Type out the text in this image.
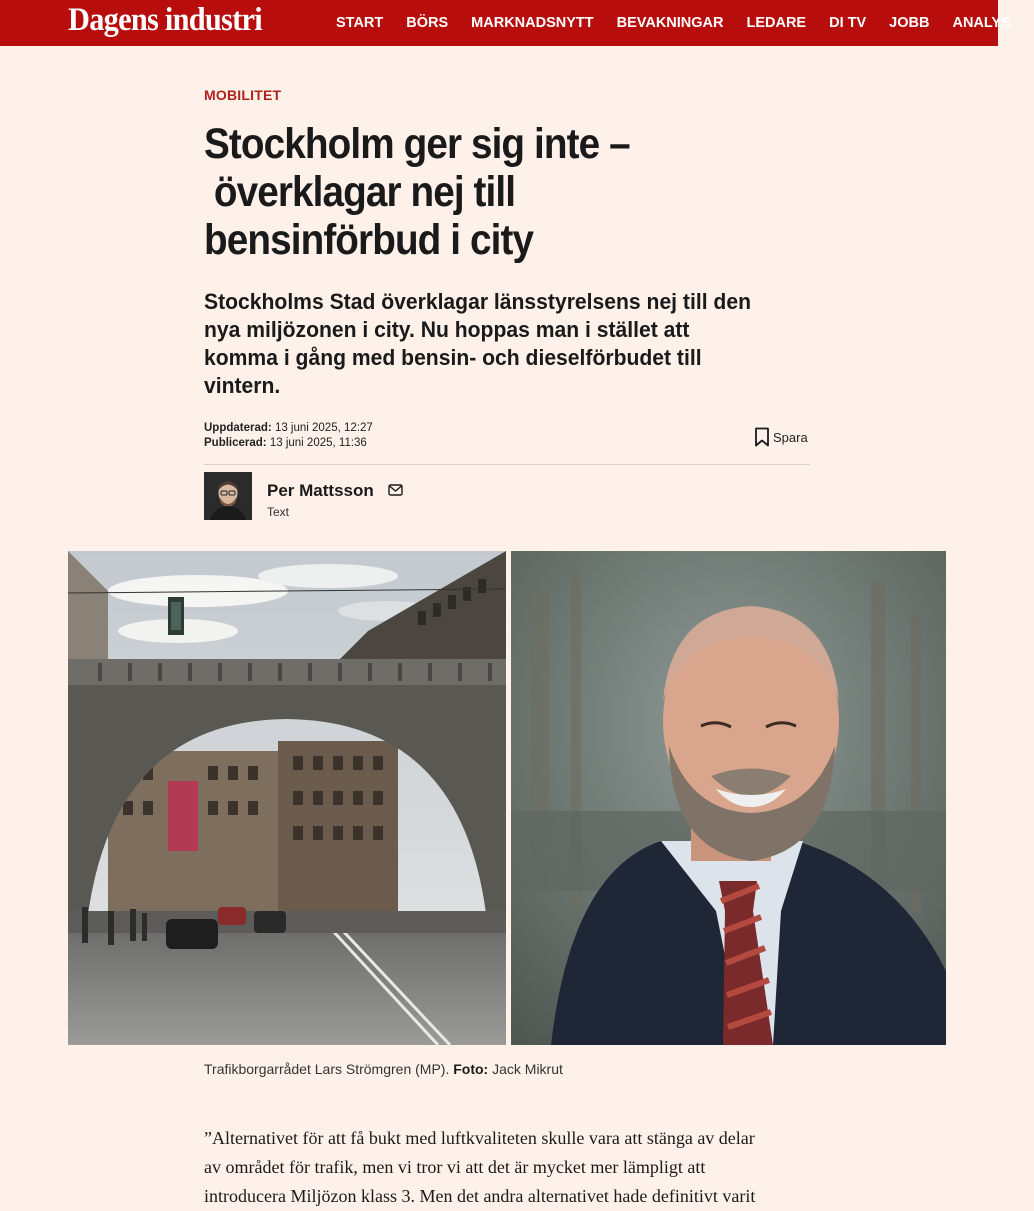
Dagens industri	START BÖRS MARKNADSNYTT BEVAKNINGAR LEDARE DI TV JOBB ANALYS
MOBILITET
Stockholm ger sig inte –
överklagar nej till
bensinförbud i city

Stockholms Stad överklagar länsstyrelsens nej till den
nya miljözonen i city. Nu hoppas man i stället att
komma i gång med bensin- och dieselförbudet till
vintern.

Uppdaterad: 13 juni 2025, 12:27
Publicerad: 13 juni 2025, 11:36	Spara
Per Mattsson
Text
Trafikborgarrådet Lars Strömgren (MP). Foto: Jack Mikrut
”Alternativet för att få bukt med luftkvaliteten skulle vara att stänga av delar
av området för trafik, men vi tror vi att det är mycket mer lämpligt att
introducera Miljözon klass 3. Men det andra alternativet hade definitivt varit
